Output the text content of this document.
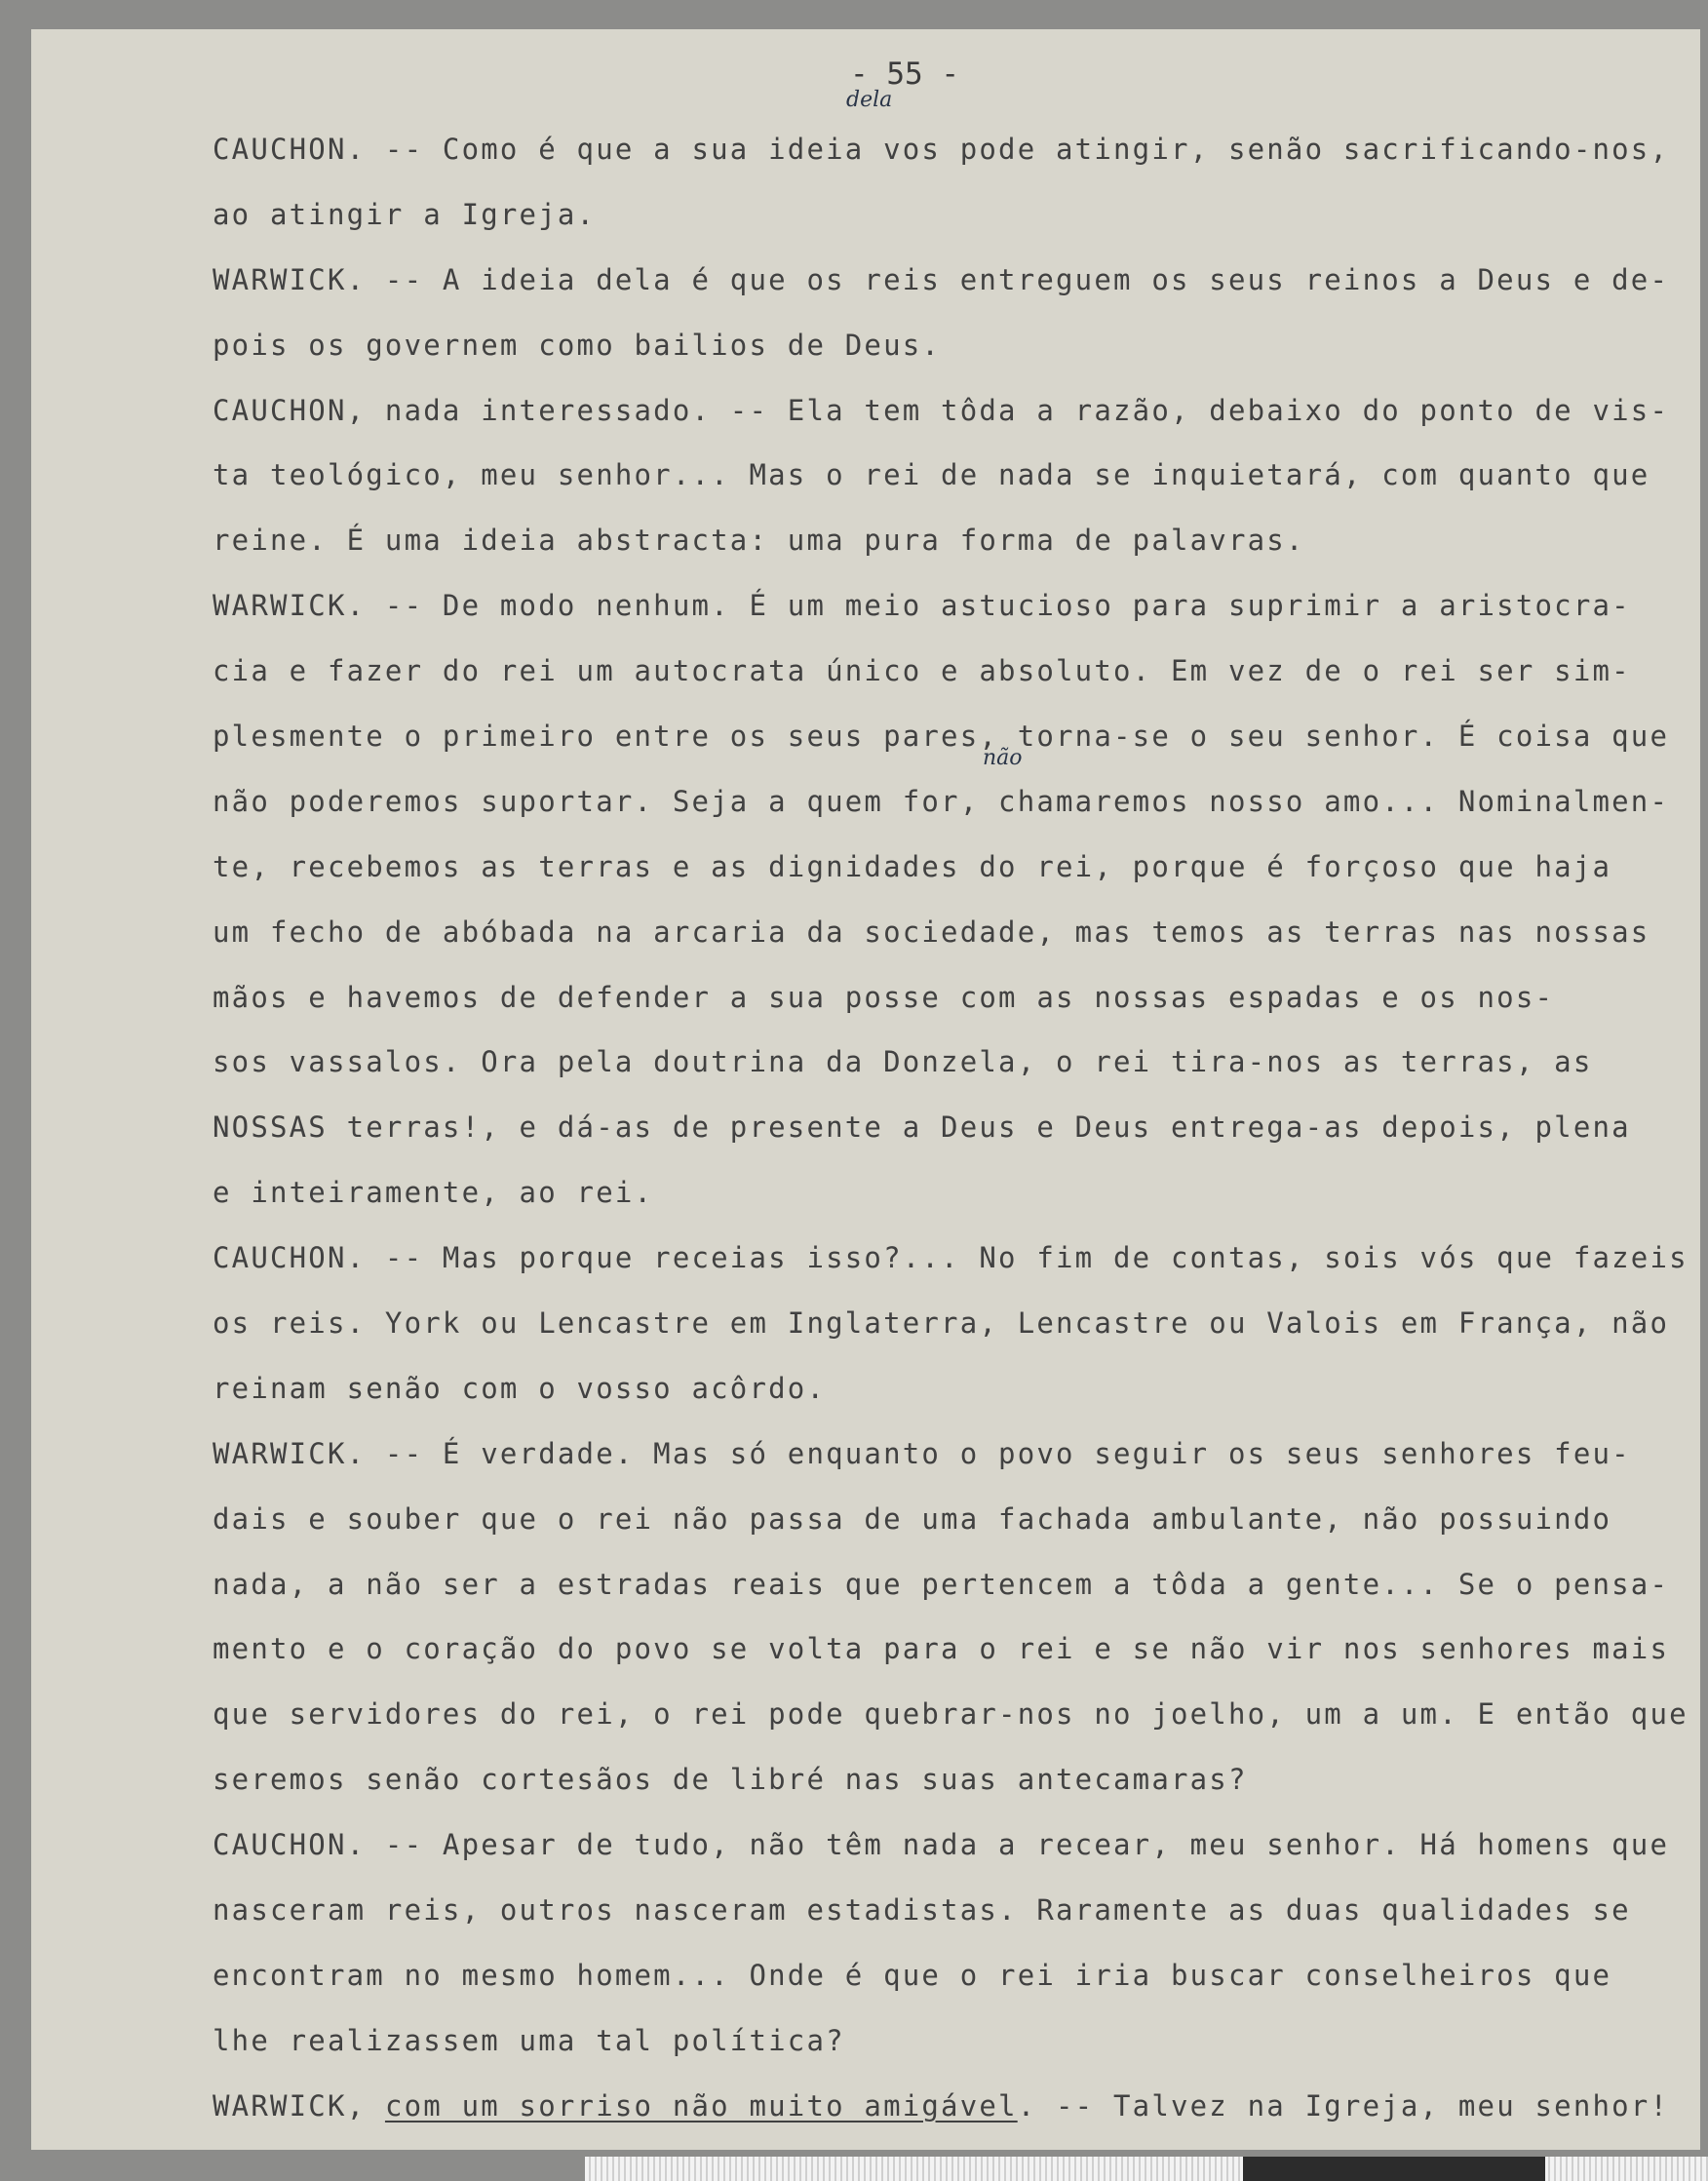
- 55 -
dela
não
CAUCHON. -- Como é que a sua ideia vos pode atingir, senão sacrificando-nos,
ao atingir a Igreja.
WARWICK. -- A ideia dela é que os reis entreguem os seus reinos a Deus e de-
pois os governem como bailios de Deus.
CAUCHON, nada interessado. -- Ela tem tôda a razão, debaixo do ponto de vis-
ta teológico, meu senhor... Mas o rei de nada se inquietará, com quanto que
reine. É uma ideia abstracta: uma pura forma de palavras.
WARWICK. -- De modo nenhum. É um meio astucioso para suprimir a aristocra-
cia e fazer do rei um autocrata único e absoluto. Em vez de o rei ser sim-
plesmente o primeiro entre os seus pares, torna-se o seu senhor. É coisa que
não poderemos suportar. Seja a quem for, chamaremos nosso amo... Nominalmen-
te, recebemos as terras e as dignidades do rei, porque é forçoso que haja
um fecho de abóbada na arcaria da sociedade, mas temos as terras nas nossas
mãos e havemos de defender a sua posse com as nossas espadas e os nos-
sos vassalos. Ora pela doutrina da Donzela, o rei tira-nos as terras, as
NOSSAS terras!, e dá-as de presente a Deus e Deus entrega-as depois, plena
e inteiramente, ao rei.
CAUCHON. -- Mas porque receias isso?... No fim de contas, sois vós que fazeis
os reis. York ou Lencastre em Inglaterra, Lencastre ou Valois em França, não
reinam senão com o vosso acôrdo.
WARWICK. -- É verdade. Mas só enquanto o povo seguir os seus senhores feu-
dais e souber que o rei não passa de uma fachada ambulante, não possuindo
nada, a não ser a estradas reais que pertencem a tôda a gente... Se o pensa-
mento e o coração do povo se volta para o rei e se não vir nos senhores mais
que servidores do rei, o rei pode quebrar-nos no joelho, um a um. E então que
seremos senão cortesãos de libré nas suas antecamaras?
CAUCHON. -- Apesar de tudo, não têm nada a recear, meu senhor. Há homens que
nasceram reis, outros nasceram estadistas. Raramente as duas qualidades se
encontram no mesmo homem... Onde é que o rei iria buscar conselheiros que
lhe realizassem uma tal política?
WARWICK, com um sorriso não muito amigável. -- Talvez na Igreja, meu senhor!
